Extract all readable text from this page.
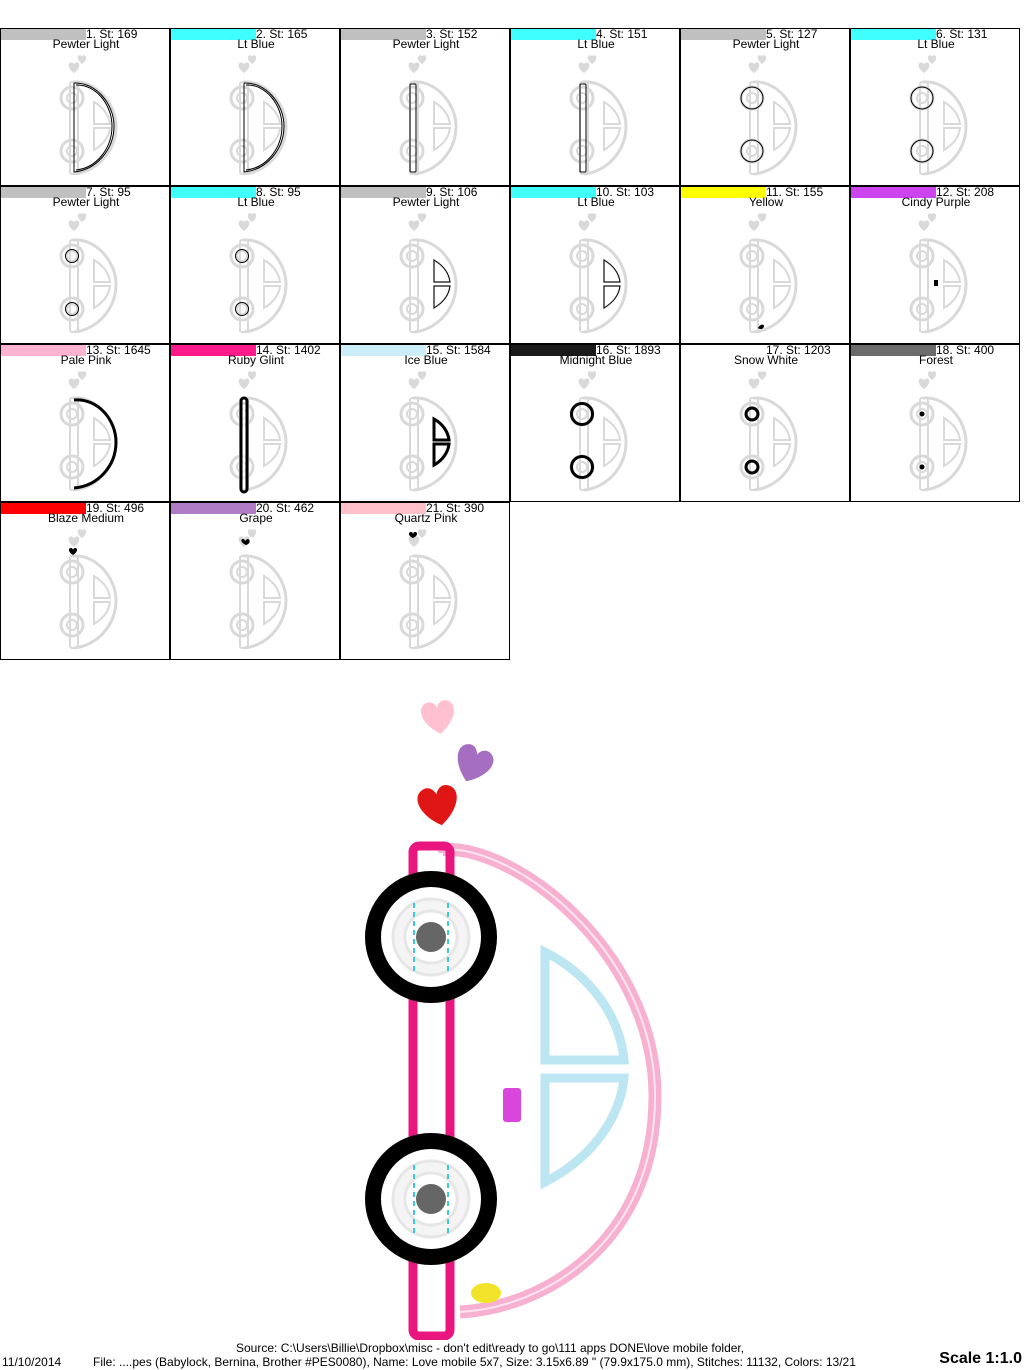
1. St: 169
Pewter Light
2. St: 165
Lt Blue
3. St: 152
Pewter Light
4. St: 151
Lt Blue
5. St: 127
Pewter Light
6. St: 131
Lt Blue
7. St: 95
Pewter Light
8. St: 95
Lt Blue
9. St: 106
Pewter Light
10. St: 103
Lt Blue
11. St: 155
Yellow
12. St: 208
Cindy Purple
13. St: 1645
Pale Pink
14. St: 1402
Ruby Glint
15. St: 1584
Ice Blue
16. St: 1893
Midnight Blue
17. St: 1203
Snow White
18. St: 400
Forest
19. St: 496
Blaze Medium
20. St: 462
Grape
21. St: 390
Quartz Pink
Source: C:\Users\Billie\Dropbox\misc - don't edit\ready to go\111 apps DONE\love mobile folder,
11/10/2014	File: ....pes (Babylock, Bernina, Brother #PES0080), Name: Love mobile 5x7, Size: 3.15x6.89 " (79.9x175.0 mm), Stitches: 11132, Colors: 13/21	Scale 1:1.0
